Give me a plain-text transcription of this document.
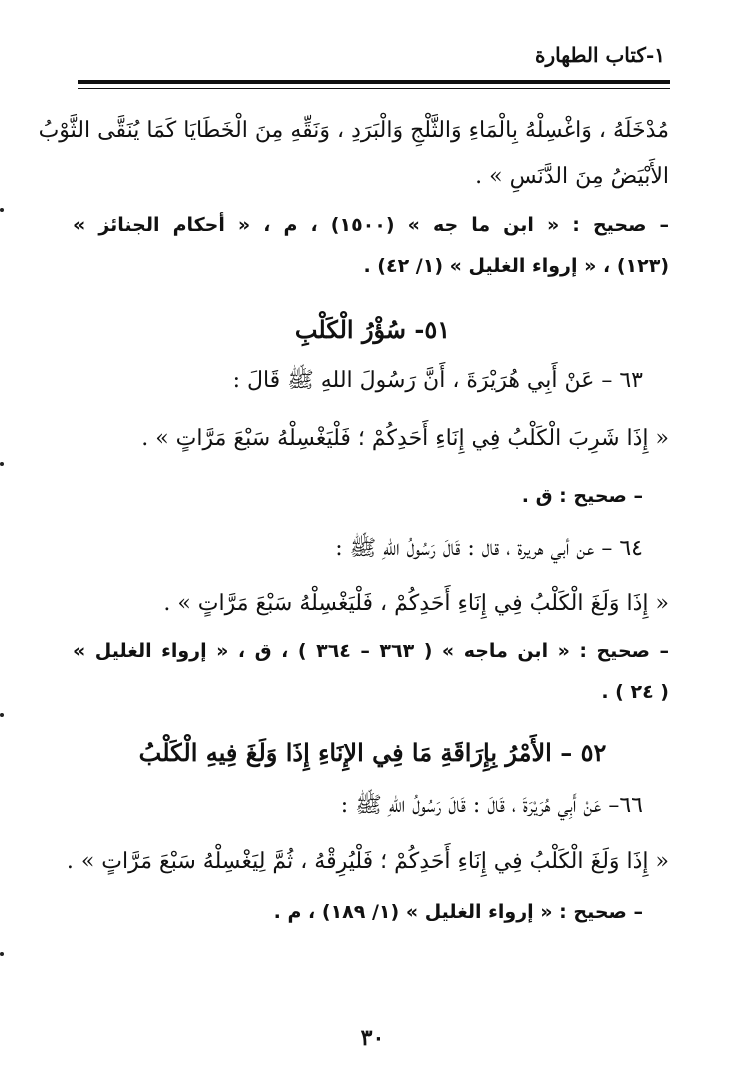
١-كتاب الطهارة
مُدْخَلَهُ ، وَاغْسِلْهُ بِالْمَاءِ وَالثَّلْجِ وَالْبَرَدِ ، وَنَقِّهِ مِنَ الْخَطَايَا كَمَا يُنَقَّى الثَّوْبُ
الأَبْيَضُ مِنَ الدَّنَسِ » .
– صحيح : « ابن ما جه » (١٥٠٠) ، م ، « أحكام الجنائز »
(١٢٣) ، « إرواء الغليل » (١/ ٤٢) .
٥١- سُؤْرُ الْكَلْبِ
٦٣ – عَنْ أَبِي هُرَيْرَةَ ، أَنَّ رَسُولَ اللهِ ﷺ قَالَ :
« إِذَا شَرِبَ الْكَلْبُ فِي إِنَاءِ أَحَدِكُمْ ؛ فَلْيَغْسِلْهُ سَبْعَ مَرَّاتٍ » .
– صحيح : ق .
٦٤ – عن أبي هريرة ، قال : قَالَ رَسُولُ اللهِ ﷺ :
« إِذَا وَلَغَ الْكَلْبُ فِي إِنَاءِ أَحَدِكُمْ ، فَلْيَغْسِلْهُ سَبْعَ مَرَّاتٍ » .
– صحيح : « ابن ماجه » ( ٣٦٣ – ٣٦٤ ) ، ق ، « إرواء الغليل »
( ٢٤ ) .
٥٢ – الأَمْرُ بِإِرَاقَةِ مَا فِي الإِنَاءِ إِذَا وَلَغَ فِيهِ الْكَلْبُ
٦٦– عَنْ أَبِي هُرَيْرَةَ ، قَالَ : قَالَ رَسُولُ اللهِ ﷺ :
« إِذَا وَلَغَ الْكَلْبُ فِي إِنَاءِ أَحَدِكُمْ ؛ فَلْيُرِقْهُ ، ثُمَّ لِيَغْسِلْهُ سَبْعَ مَرَّاتٍ » .
– صحيح : « إرواء الغليل » (١/ ١٨٩) ، م .
٣٠
